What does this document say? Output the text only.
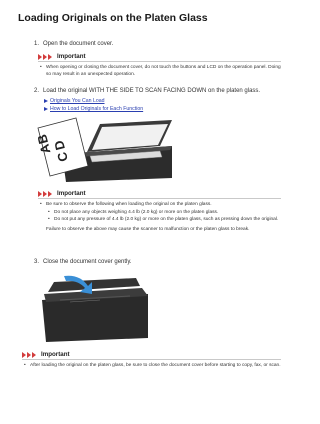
Loading Originals on the Platen Glass
1. Open the document cover.
Important
• When opening or closing the document cover, do not touch the buttons and LCD on the operation panel. Doing so may result in an unexpected operation.
2. Load the original WITH THE SIDE TO SCAN FACING DOWN on the platen glass.
Originals You Can Load
How to Load Originals for Each Function
A
B
C
D
Important
• Be sure to observe the following when loading the original on the platen glass.
• Do not place any objects weighing 4.4 lb (2.0 kg) or more on the platen glass.
• Do not put any pressure of 4.4 lb (2.0 kg) or more on the platen glass, such as pressing down the original.
Failure to observe the above may cause the scanner to malfunction or the platen glass to break.
3. Close the document cover gently.
Important
• After loading the original on the platen glass, be sure to close the document cover before starting to copy, fax, or scan.
